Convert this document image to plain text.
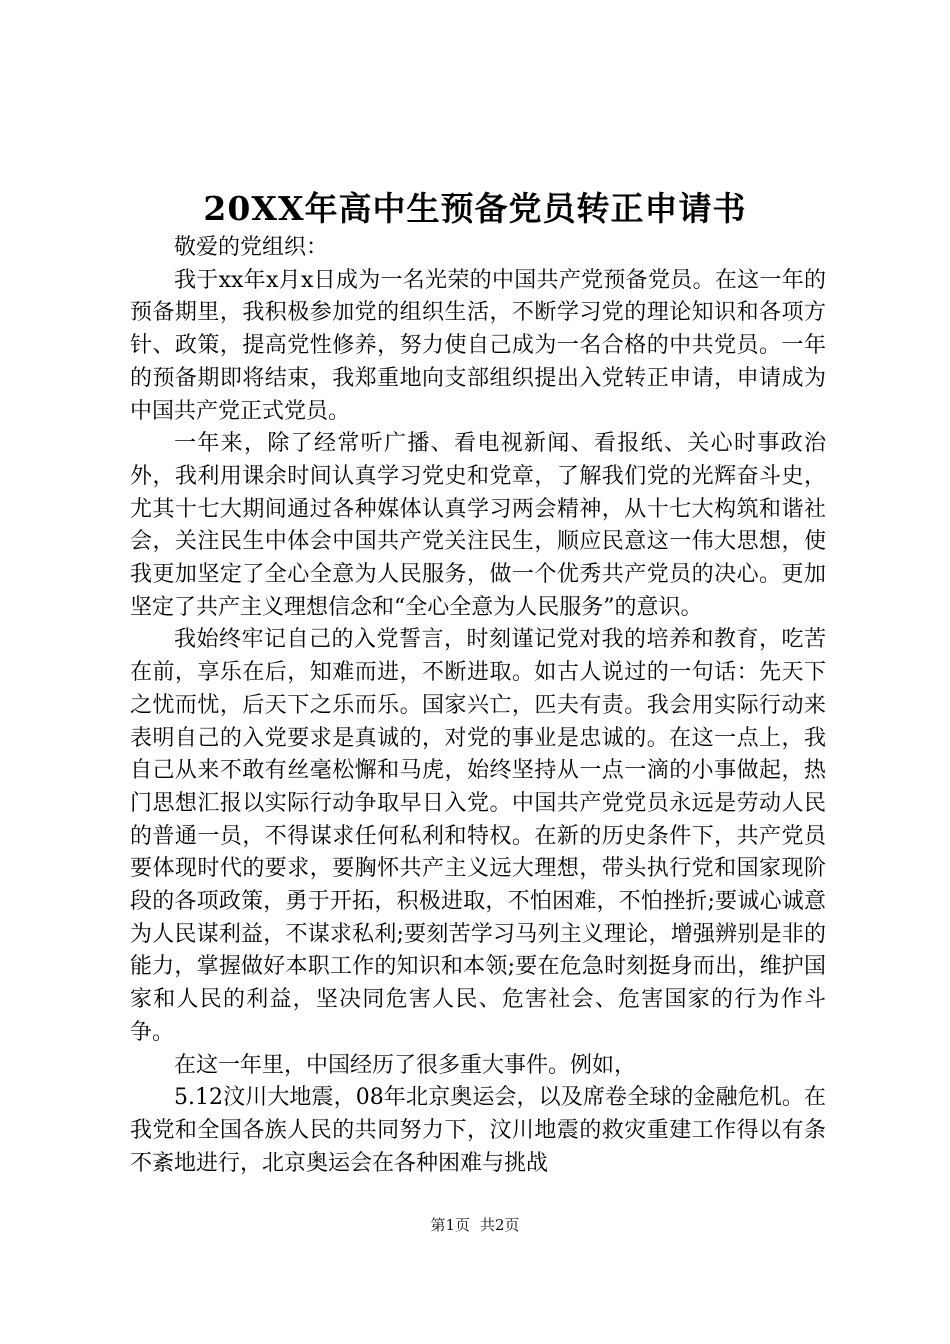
20XX年高中生预备党员转正申请书

敬爱的党组织：

我于xx年x月x日成为一名光荣的中国共产党预备党员。在这一年的预备期里，我积极参加党的组织生活，不断学习党的理论知识和各项方针、政策，提高党性修养，努力使自己成为一名合格的中共党员。一年的预备期即将结束，我郑重地向支部组织提出入党转正申请，申请成为中国共产党正式党员。

一年来，除了经常听广播、看电视新闻、看报纸、关心时事政治外，我利用课余时间认真学习党史和党章，了解我们党的光辉奋斗史，尤其十七大期间通过各种媒体认真学习两会精神，从十七大构筑和谐社会，关注民生中体会中国共产党关注民生，顺应民意这一伟大思想，使我更加坚定了全心全意为人民服务，做一个优秀共产党员的决心。更加坚定了共产主义理想信念和“全心全意为人民服务”的意识。

我始终牢记自己的入党誓言，时刻谨记党对我的培养和教育，吃苦在前，享乐在后，知难而进，不断进取。如古人说过的一句话：先天下之忧而忧，后天下之乐而乐。国家兴亡，匹夫有责。我会用实际行动来表明自己的入党要求是真诚的，对党的事业是忠诚的。在这一点上，我自己从来不敢有丝毫松懈和马虎，始终坚持从一点一滴的小事做起，热门思想汇报以实际行动争取早日入党。中国共产党党员永远是劳动人民的普通一员，不得谋求任何私利和特权。在新的历史条件下，共产党员要体现时代的要求，要胸怀共产主义远大理想，带头执行党和国家现阶段的各项政策，勇于开拓，积极进取，不怕困难，不怕挫折;要诚心诚意为人民谋利益，不谋求私利;要刻苦学习马列主义理论，增强辨别是非的能力，掌握做好本职工作的知识和本领;要在危急时刻挺身而出，维护国家和人民的利益，坚决同危害人民、危害社会、危害国家的行为作斗争。

在这一年里，中国经历了很多重大事件。例如，

5.12汶川大地震，08年北京奥运会，以及席卷全球的金融危机。在我党和全国各族人民的共同努力下，汶川地震的救灾重建工作得以有条不紊地进行，北京奥运会在各种困难与挑战

第1页 共2页
